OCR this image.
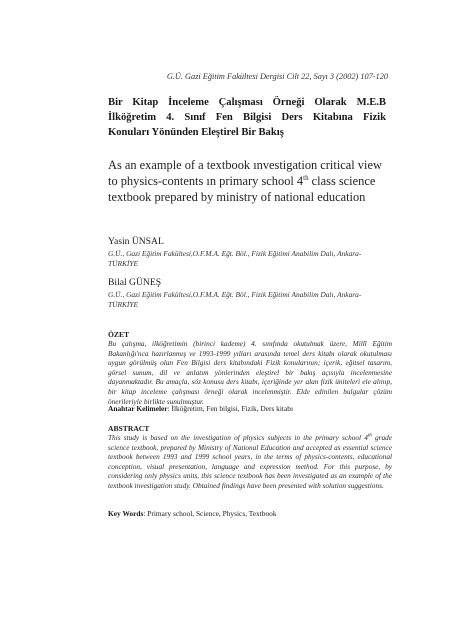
G.Ü. Gazi Eğitim Fakültesi Dergisi Cilt 22, Sayı 3 (2002) 107-120
Bir Kitap İnceleme Çalışması Örneği Olarak M.E.B
İlköğretim 4. Sınıf Fen Bilgisi Ders Kitabına Fizik
Konuları Yönünden Eleştirel Bir Bakış
As an example of a textbook ınvestigation critical view to physics-contents ın primary school 4th class science textbook prepared by ministry of national education
Yasin ÜNSAL
G.Ü., Gazi Eğitim Fakültesi,O.F.M.A. Eğt. Böl., Fizik Eğitimi Anabilim Dalı, Ankara-TÜRKİYE
Bilal GÜNEŞ
G.Ü., Gazi Eğitim Fakültesi,O.F.M.A. Eğt. Böl., Fizik Eğitimi Anabilim Dalı, Ankara-TÜRKİYE
ÖZET
Bu çalışma, ilköğretimin (birinci kademe) 4. sınıfında okutulmak üzere, Millî Eğitim Bakanlığı'nca hazırlanmış ve 1993-1999 yılları arasında temel ders kitabı olarak okutulması uygun görülmüş olan Fen Bilgisi ders kitabındaki Fizik konularının; içerik, eğitsel tasarım, görsel sunum, dil ve anlatım yönlerinden eleştirel bir bakış açısıyla incelenmesine dayanmaktadır. Bu amaçla, söz konusu ders kitabı, içeriğinde yer alan fizik üniteleri ele alınıp, bir kitap inceleme çalışması örneği olarak incelenmiştir. Elde edinilen bulgular çözüm önerileriyle birlikte sunulmuştur.
Anahtar Kelimeler: İlköğretim, Fen bilgisi, Fizik, Ders kitabı
ABSTRACT
This study is based on the investigation of physics subjects in the primary school 4th grade science textbook, prepared by Ministry of National Education and accepted as essential science textbook between 1993 and 1999 school years, in the terms of physics-contents, educational conception, visual presentation, language and expression method. For this purpose, by considering only physics units, this science textbook has been investigated as an example of the textbook investigation study. Obtained findings have been presented with solution suggestions.
Key Words: Primary school, Science, Physics, Textbook
